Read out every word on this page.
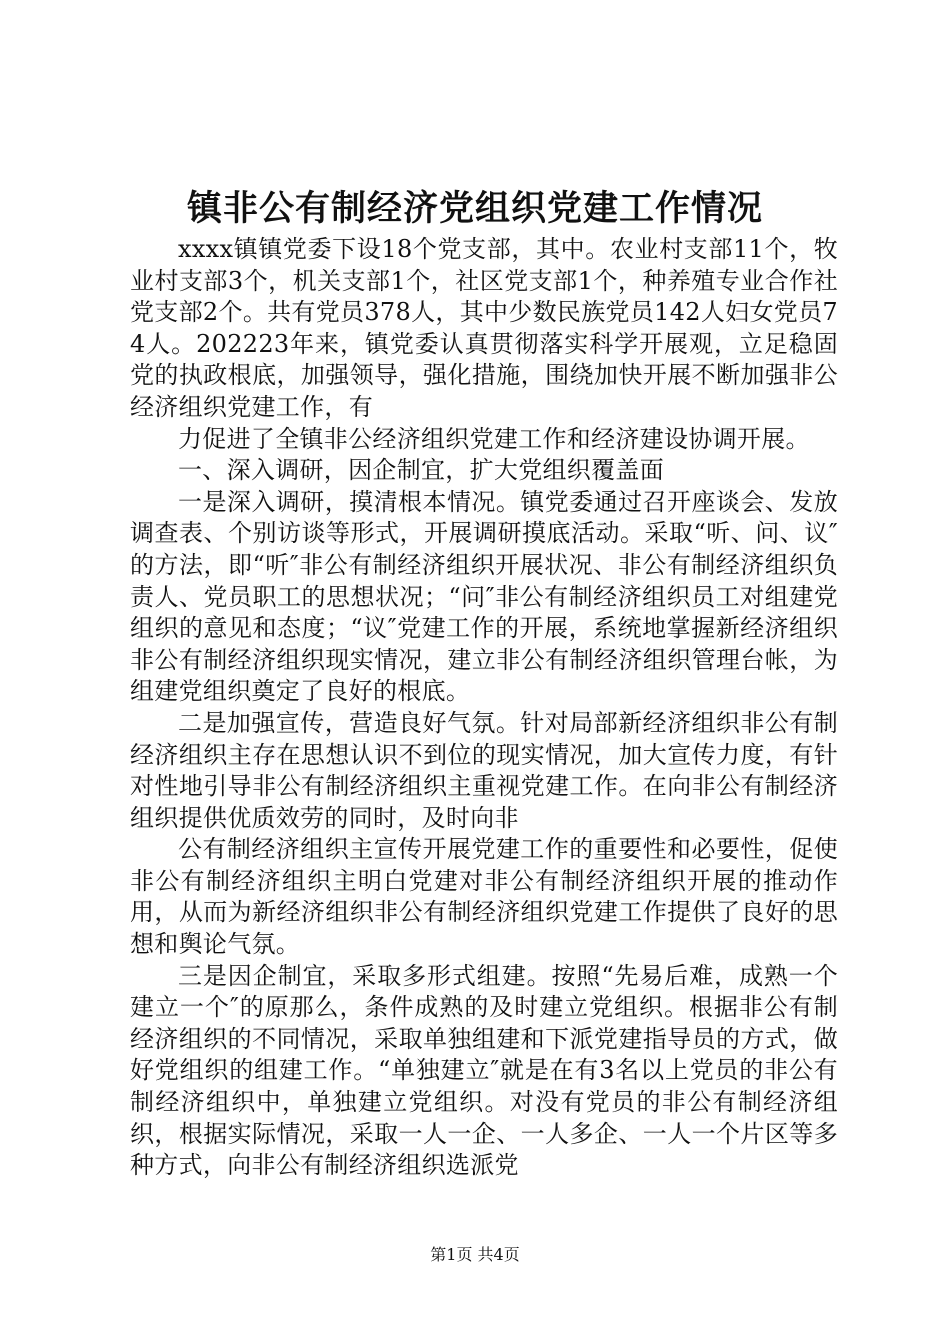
镇非公有制经济党组织党建工作情况

xxxx镇镇党委下设18个党支部，其中。农业村支部11个，牧业村支部3个，机关支部1个，社区党支部1个，种养殖专业合作社党支部2个。共有党员378人，其中少数民族党员142人妇女党员74人。202223年来，镇党委认真贯彻落实科学开展观，立足稳固党的执政根底，加强领导，强化措施，围绕加快开展不断加强非公经济组织党建工作，有

力促进了全镇非公经济组织党建工作和经济建设协调开展。

一、深入调研，因企制宜，扩大党组织覆盖面

一是深入调研，摸清根本情况。镇党委通过召开座谈会、发放调查表、个别访谈等形式，开展调研摸底活动。采取“听、问、议″的方法，即“听″非公有制经济组织开展状况、非公有制经济组织负责人、党员职工的思想状况；“问″非公有制经济组织员工对组建党组织的意见和态度；“议″党建工作的开展，系统地掌握新经济组织非公有制经济组织现实情况，建立非公有制经济组织管理台帐，为组建党组织奠定了良好的根底。

二是加强宣传，营造良好气氛。针对局部新经济组织非公有制经济组织主存在思想认识不到位的现实情况，加大宣传力度，有针对性地引导非公有制经济组织主重视党建工作。在向非公有制经济组织提供优质效劳的同时，及时向非

公有制经济组织主宣传开展党建工作的重要性和必要性，促使非公有制经济组织主明白党建对非公有制经济组织开展的推动作用，从而为新经济组织非公有制经济组织党建工作提供了良好的思想和舆论气氛。

三是因企制宜，采取多形式组建。按照“先易后难，成熟一个建立一个″的原那么，条件成熟的及时建立党组织。根据非公有制经济组织的不同情况，采取单独组建和下派党建指导员的方式，做好党组织的组建工作。“单独建立″就是在有3名以上党员的非公有制经济组织中，单独建立党组织。对没有党员的非公有制经济组织，根据实际情况，采取一人一企、一人多企、一人一个片区等多种方式，向非公有制经济组织选派党

第1页 共4页
